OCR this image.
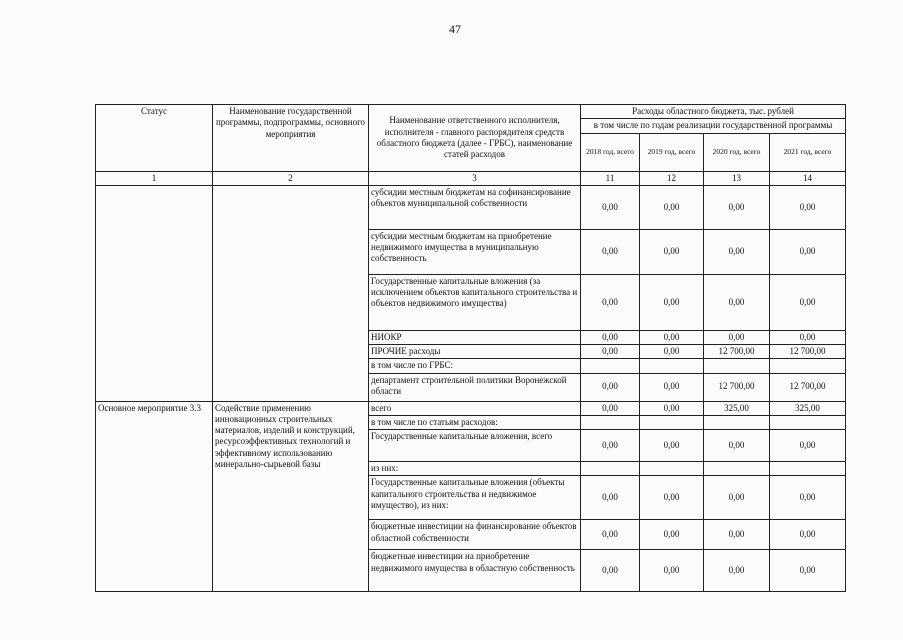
47
Статус	Наименование государственной программы, подпрограммы, основного мероприятия	Наименование ответственного исполнителя, исполнителя - главного распорядителя средств областного бюджета (далее - ГРБС), наименование статей расходов	Расходы областного бюджета, тыс. рублей			
			в том числе по годам реализации государственной программы			
			2018 год, всего	2019 год, всего	2020 год, всего	2021 год, всего
1	2	3	11	12	13	14
		субсидии местным бюджетам на софинансирование объектов муниципальной собственности	0,00	0,00	0,00	0,00
		субсидии местным бюджетам на приобретение недвижимого имущества в муниципальную собственность	0,00	0,00	0,00	0,00
		Государственные капитальные вложения (за исключением объектов капитального строительства и объектов недвижимого имущества)	0,00	0,00	0,00	0,00
		НИОКР	0,00	0,00	0,00	0,00
		ПРОЧИЕ расходы	0,00	0,00	12 700,00	12 700,00
		в том числе по ГРБС:				
		департамент строительной политики Воронежской области	0,00	0,00	12 700,00	12 700,00
Основное мероприятие 3.3	Содействие применению инновационных строительных материалов, изделий и конструкций, ресурсоэффективных технологий и эффективному использованию минерально-сырьевой базы	всего	0,00	0,00	325,00	325,00
		в том числе по статьям расходов:				
		Государственные капитальные вложения, всего	0,00	0,00	0,00	0,00
		из них:				
		Государственные капитальные вложения (объекты капитального строительства и недвижимое имущество), из них:	0,00	0,00	0,00	0,00
		бюджетные инвестиции на финансирование объектов областной собственности	0,00	0,00	0,00	0,00
		бюджетные инвестиции на приобретение недвижимого имущества в областную собственность	0,00	0,00	0,00	0,00
